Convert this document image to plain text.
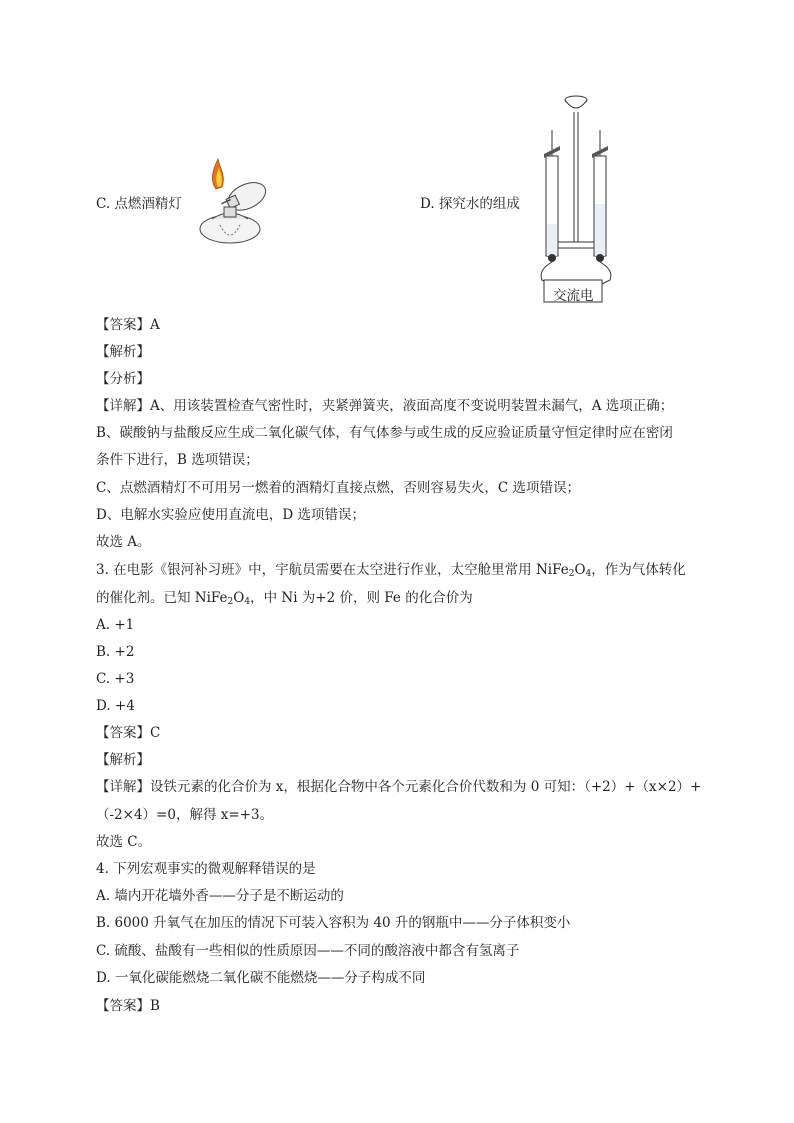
C. 点燃酒精灯	D. 探究水的组成
交流电
【答案】A
【解析】
【分析】
【详解】A、用该装置检查气密性时，夹紧弹簧夹，液面高度不变说明装置未漏气，A 选项正确；
B、碳酸钠与盐酸反应生成二氧化碳气体，有气体参与或生成的反应验证质量守恒定律时应在密闭
条件下进行，B 选项错误；
C、点燃酒精灯不可用另一燃着的酒精灯直接点燃，否则容易失火，C 选项错误；
D、电解水实验应使用直流电，D 选项错误；
故选 A。
3. 在电影《银河补习班》中，宇航员需要在太空进行作业，太空舱里常用 $NiFe_2O_4$，作为气体转化
的催化剂。已知 $NiFe_2O_4$，中 Ni 为+2 价，则 Fe 的化合价为
A. +1
B. +2
C. +3
D. +4
【答案】C
【解析】
【详解】设铁元素的化合价为 x，根据化合物中各个元素化合价代数和为 0 可知：（+2）+（x×2）+
（-2×4）=0，解得 x=+3。
故选 C。
4. 下列宏观事实的微观解释错误的是
A. 墙内开花墙外香——分子是不断运动的
B. 6000 升氧气在加压的情况下可装入容积为 40 升的钢瓶中——分子体积变小
C. 硫酸、盐酸有一些相似的性质原因——不同的酸溶液中都含有氢离子
D. 一氧化碳能燃烧二氧化碳不能燃烧——分子构成不同
【答案】B
